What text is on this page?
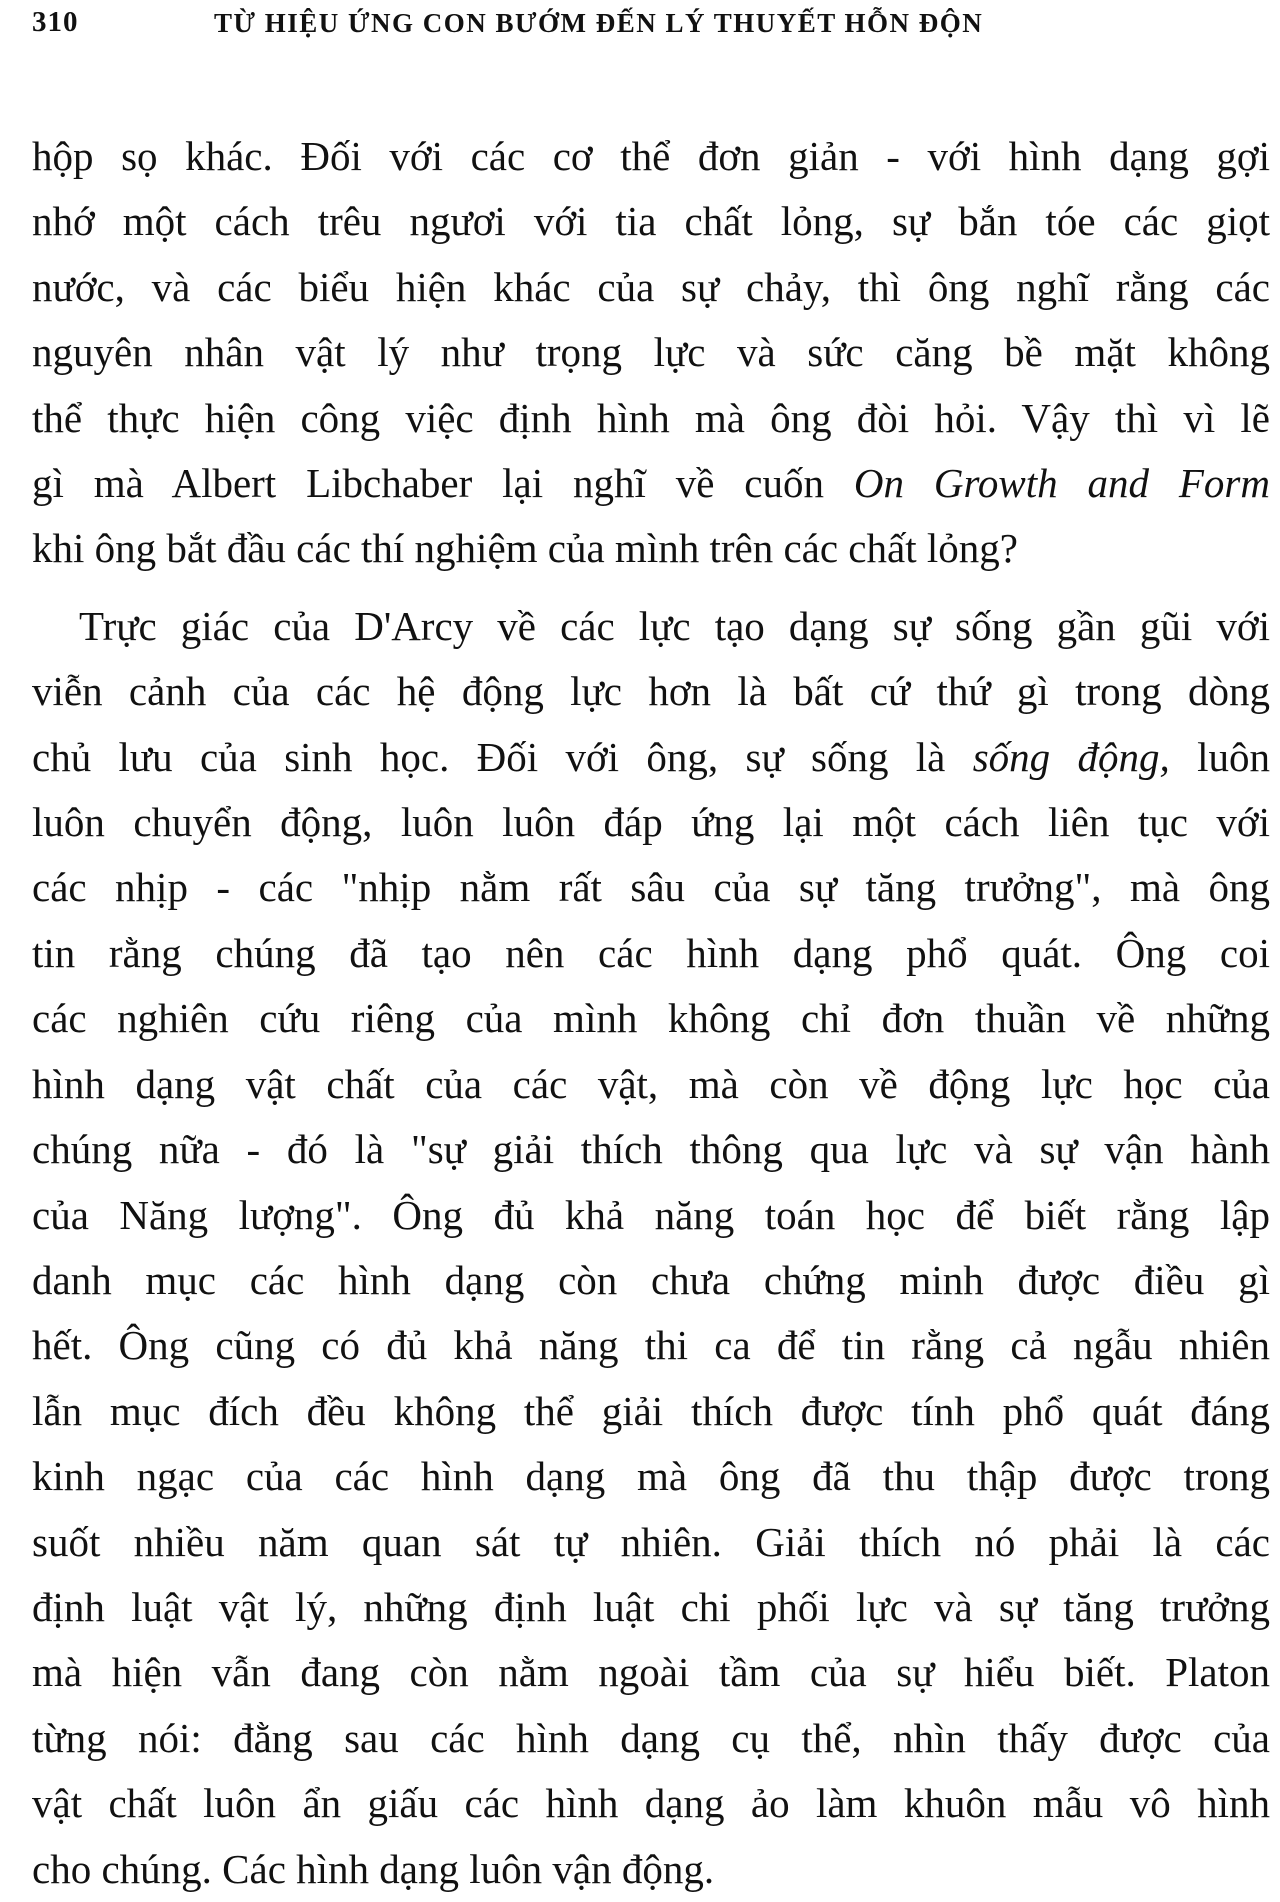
310	TỪ HIỆU ỨNG CON BƯỚM ĐẾN LÝ THUYẾT HỖN ĐỘN

hộp sọ khác. Đối với các cơ thể đơn giản - với hình dạng gợi
nhớ một cách trêu ngươi với tia chất lỏng, sự bắn tóe các giọt
nước, và các biểu hiện khác của sự chảy, thì ông nghĩ rằng các
nguyên nhân vật lý như trọng lực và sức căng bề mặt không
thể thực hiện công việc định hình mà ông đòi hỏi. Vậy thì vì lẽ
gì mà Albert Libchaber lại nghĩ về cuốn On Growth and Form
khi ông bắt đầu các thí nghiệm của mình trên các chất lỏng?

Trực giác của D'Arcy về các lực tạo dạng sự sống gần gũi với
viễn cảnh của các hệ động lực hơn là bất cứ thứ gì trong dòng
chủ lưu của sinh học. Đối với ông, sự sống là sống động, luôn
luôn chuyển động, luôn luôn đáp ứng lại một cách liên tục với
các nhịp - các "nhịp nằm rất sâu của sự tăng trưởng", mà ông
tin rằng chúng đã tạo nên các hình dạng phổ quát. Ông coi
các nghiên cứu riêng của mình không chỉ đơn thuần về những
hình dạng vật chất của các vật, mà còn về động lực học của
chúng nữa - đó là "sự giải thích thông qua lực và sự vận hành
của Năng lượng". Ông đủ khả năng toán học để biết rằng lập
danh mục các hình dạng còn chưa chứng minh được điều gì
hết. Ông cũng có đủ khả năng thi ca để tin rằng cả ngẫu nhiên
lẫn mục đích đều không thể giải thích được tính phổ quát đáng
kinh ngạc của các hình dạng mà ông đã thu thập được trong
suốt nhiều năm quan sát tự nhiên. Giải thích nó phải là các
định luật vật lý, những định luật chi phối lực và sự tăng trưởng
mà hiện vẫn đang còn nằm ngoài tầm của sự hiểu biết. Platon
từng nói: đằng sau các hình dạng cụ thể, nhìn thấy được của
vật chất luôn ẩn giấu các hình dạng ảo làm khuôn mẫu vô hình
cho chúng. Các hình dạng luôn vận động.
